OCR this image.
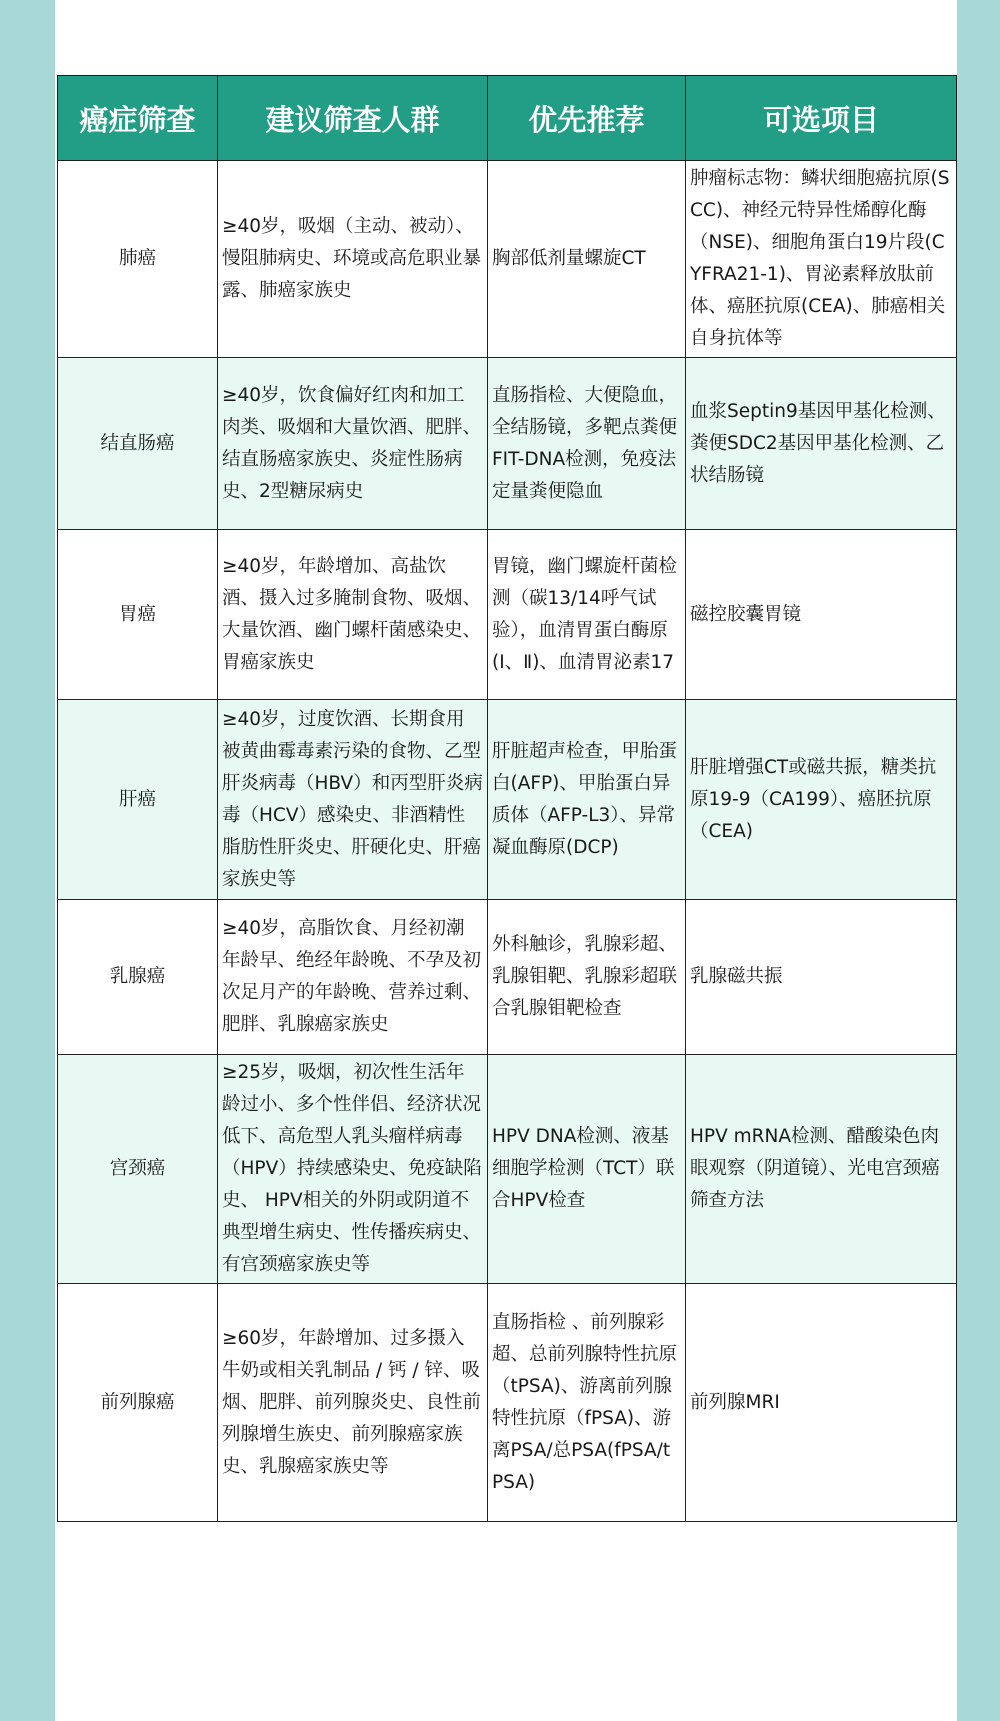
癌症筛查	建议筛查人群	优先推荐	可选项目
肺癌	≥40岁，吸烟（主动、被动）、慢阻肺病史、环境或高危职业暴露、肺癌家族史	胸部低剂量螺旋CT	肿瘤标志物：鳞状细胞癌抗原(SCC)、神经元特异性烯醇化酶（NSE)、细胞角蛋白19片段(CYFRA21-1)、胃泌素释放肽前体、癌胚抗原(CEA)、肺癌相关自身抗体等
结直肠癌	≥40岁，饮食偏好红肉和加工肉类、吸烟和大量饮酒、肥胖、结直肠癌家族史、炎症性肠病史、2型糖尿病史	直肠指检、大便隐血，全结肠镜，多靶点粪便FIT-DNA检测，免疫法定量粪便隐血	血浆Septin9基因甲基化检测、粪便SDC2基因甲基化检测、乙状结肠镜
胃癌	≥40岁，年龄增加、高盐饮酒、摄入过多腌制食物、吸烟、大量饮酒、幽门螺杆菌感染史、胃癌家族史	胃镜，幽门螺旋杆菌检测（碳13/14呼气试验），血清胃蛋白酶原(Ⅰ、Ⅱ)、血清胃泌素17	磁控胶囊胃镜
肝癌	≥40岁，过度饮酒、长期食用被黄曲霉毒素污染的食物、乙型肝炎病毒（HBV）和丙型肝炎病毒（HCV）感染史、非酒精性脂肪性肝炎史、肝硬化史、肝癌家族史等	肝脏超声检查，甲胎蛋白(AFP)、甲胎蛋白异质体（AFP-L3）、异常凝血酶原(DCP)	肝脏增强CT或磁共振，糖类抗原19-9（CA199）、癌胚抗原（CEA)
乳腺癌	≥40岁，高脂饮食、月经初潮年龄早、绝经年龄晚、不孕及初次足月产的年龄晚、营养过剩、肥胖、乳腺癌家族史	外科触诊，乳腺彩超、乳腺钼靶、乳腺彩超联合乳腺钼靶检查	乳腺磁共振
宫颈癌	≥25岁，吸烟，初次性生活年龄过小、多个性伴侣、经济状况低下、高危型人乳头瘤样病毒（HPV）持续感染史、免疫缺陷史、 HPV相关的外阴或阴道不典型增生病史、性传播疾病史、有宫颈癌家族史等	HPV DNA检测、液基细胞学检测（TCT）联合HPV检查	HPV mRNA检测、醋酸染色肉眼观察（阴道镜）、光电宫颈癌筛查方法
前列腺癌	≥60岁，年龄增加、过多摄入牛奶或相关乳制品 / 钙 / 锌、吸烟、肥胖、前列腺炎史、良性前列腺增生族史、前列腺癌家族史、乳腺癌家族史等	直肠指检 、前列腺彩超、总前列腺特性抗原（tPSA)、游离前列腺特性抗原（fPSA)、游离PSA/总PSA(fPSA/tPSA)	前列腺MRI
